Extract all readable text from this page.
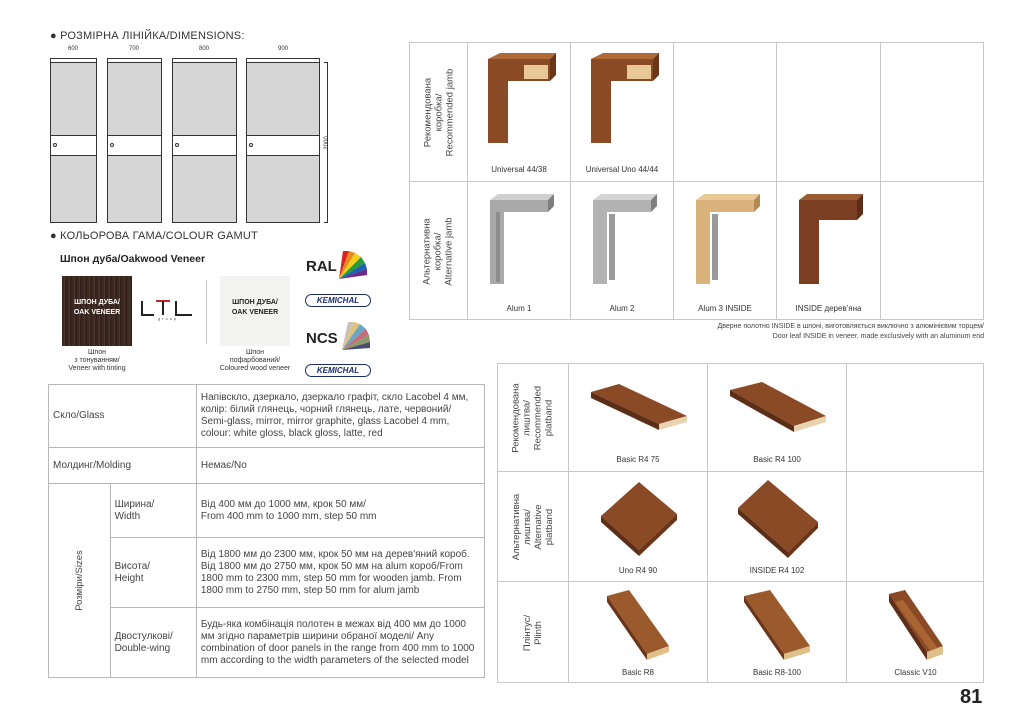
● РОЗМІРНА ЛІНІЙКА/DIMENSIONS:
600	700	800	900
2000
● КОЛЬОРОВА ГАМА/COLOUR GAMUT
Шпон дуба/Oakwood Veneer
ШПОН ДУБА/
OAK VENEER
Шпон
з тонуванням/
Veneer with tinting
group
ШПОН ДУБА/
OAK VENEER
Шпон
пофарбований/
Coloured wood veneer
RAL
KEMICHAL
NCS
KEMICHAL
Скло/Glass		Напівскло, дзеркало, дзеркало графіт, скло Lacobel 4 мм, колір: білий глянець, чорний глянець, лате, червоний/ Semi-glass, mirror, mirror graphite, glass Lacobel 4 mm, colour: white gloss, black gloss, latte, red
Молдинг/Molding		Немає/No
Розміри/Sizes	Ширина/
Width	Від 400 мм до 1000 мм, крок 50 мм/
From 400 mm to 1000 mm, step 50 mm
	Висота/
Height	Від 1800 мм до 2300 мм, крок 50 мм на дерев'яний короб. Від 1800 мм до 2750 мм, крок 50 мм на alum короб/From 1800 mm to 2300 mm, step 50 mm for wooden jamb. From 1800 mm to 2750 mm, step 50 mm for alum jamb
	Двостулкові/
Double-wing	Будь-яка комбінація полотен в межах від 400 мм до 1000 мм згідно параметрів ширини обраної моделі/ Any combination of door panels in the range from 400 mm to 1000 mm according to the width parameters of the selected model
Рекомендована
коробка/
Recommended jamb
Альтернативна
коробка/
Alternative jamb
Universal 44/38	Universal Uno 44/44
Alum 1	Alum 2	Alum 3 INSIDE	INSIDE дерев'яна
Дверне полотно INSIDE в шпоні, виготовляється виключно з алюмінієвим торцем/
Door leaf INSIDE in veneer, made exclusively with an aluminum end
Рекомендована
лиштва/
Recommended
platband
Альтернативна
лиштва/
Alternative
platband
Плінтус/
Plinth
Basic R4 75	Basic R4 100
Uno R4 90	INSIDE R4 102
Basic R8	Basic R8-100	Classic V10
81
